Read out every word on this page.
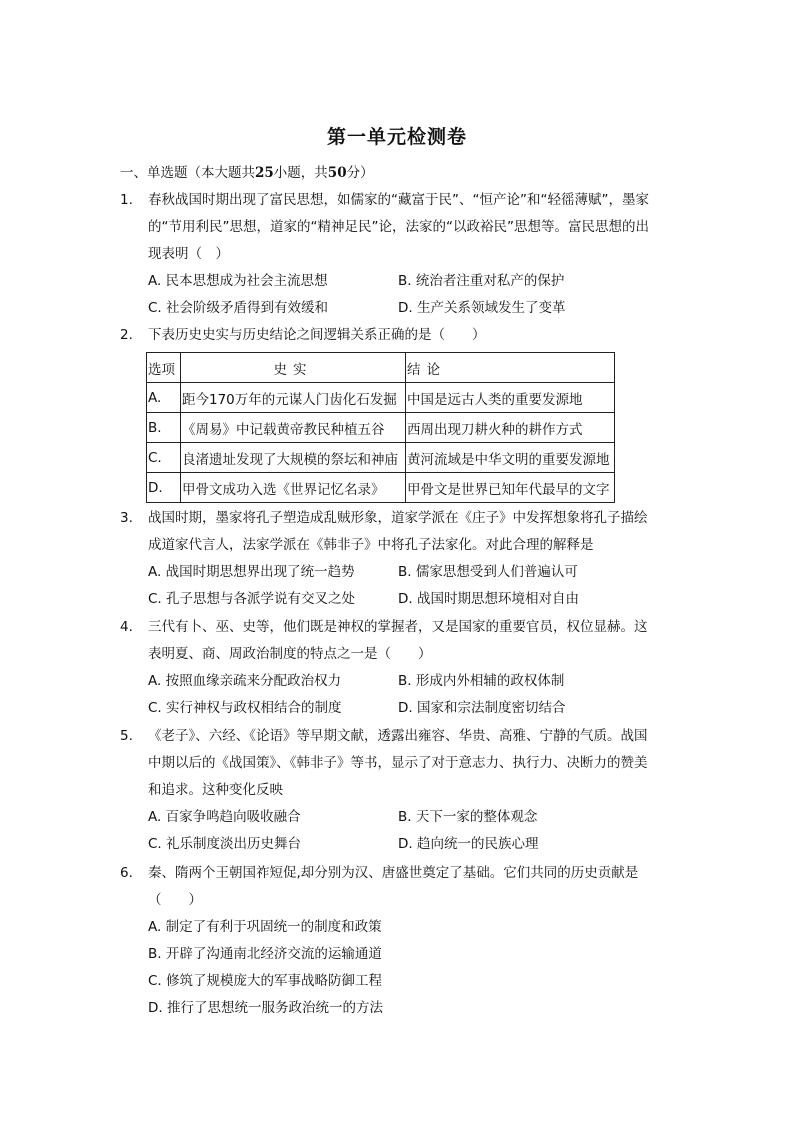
第一单元检测卷
一、单选题（本大题共25小题，共50分）
1.	春秋战国时期出现了富民思想，如儒家的“藏富于民”、“恒产论”和“轻徭薄赋”，墨家的“节用利民”思想，道家的“精神足民”论，法家的“以政裕民”思想等。富民思想的出现表明（　）
A. 民本思想成为社会主流思想	B. 统治者注重对私产的保护
C. 社会阶级矛盾得到有效缓和	D. 生产关系领域发生了变革
2.	下表历史史实与历史结论之间逻辑关系正确的是（　　）
选项	史实	结论
A.	距今170万年的元谋人门齿化石发掘	中国是远古人类的重要发源地
B.	《周易》中记载黄帝教民种植五谷	西周出现刀耕火种的耕作方式
C.	良渚遗址发现了大规模的祭坛和神庙	黄河流域是中华文明的重要发源地
D.	甲骨文成功入选《世界记忆名录》	甲骨文是世界已知年代最早的文字
3.	战国时期，墨家将孔子塑造成乱贼形象，道家学派在《庄子》中发挥想象将孔子描绘成道家代言人，法家学派在《韩非子》中将孔子法家化。对此合理的解释是
A. 战国时期思想界出现了统一趋势	B. 儒家思想受到人们普遍认可
C. 孔子思想与各派学说有交叉之处	D. 战国时期思想环境相对自由
4.	三代有卜、巫、史等，他们既是神权的掌握者，又是国家的重要官员，权位显赫。这表明夏、商、周政治制度的特点之一是（　　）
A. 按照血缘亲疏来分配政治权力	B. 形成内外相辅的政权体制
C. 实行神权与政权相结合的制度	D. 国家和宗法制度密切结合
5.	《老子》、六经、《论语》等早期文献，透露出雍容、华贵、高雅、宁静的气质。战国中期以后的《战国策》、《韩非子》等书，显示了对于意志力、执行力、决断力的赞美和追求。这种变化反映
A. 百家争鸣趋向吸收融合	B. 天下一家的整体观念
C. 礼乐制度淡出历史舞台	D. 趋向统一的民族心理
6.	秦、隋两个王朝国祚短促,却分别为汉、唐盛世奠定了基础。它们共同的历史贡献是（　　）
A. 制定了有利于巩固统一的制度和政策
B. 开辟了沟通南北经济交流的运输通道
C. 修筑了规模庞大的军事战略防御工程
D. 推行了思想统一服务政治统一的方法
